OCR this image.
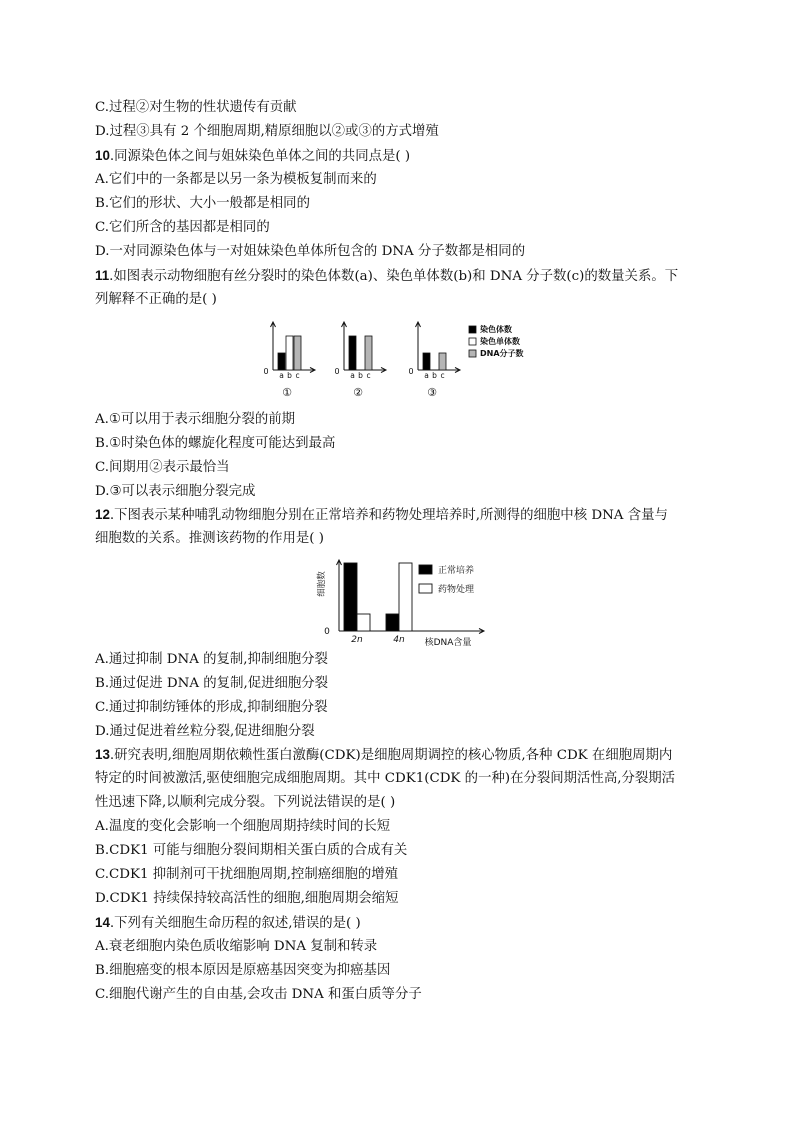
C.过程②对生物的性状遗传有贡献
D.过程③具有 2 个细胞周期,精原细胞以②或③的方式增殖
10.同源染色体之间与姐妹染色单体之间的共同点是( )
A.它们中的一条都是以另一条为模板复制而来的
B.它们的形状、大小一般都是相同的
C.它们所含的基因都是相同的
D.一对同源染色体与一对姐妹染色单体所包含的 DNA 分子数都是相同的
11.如图表示动物细胞有丝分裂时的染色体数(a)、染色单体数(b)和 DNA 分子数(c)的数量关系。下
列解释不正确的是( )
A.①可以用于表示细胞分裂的前期
B.①时染色体的螺旋化程度可能达到最高
C.间期用②表示最恰当
D.③可以表示细胞分裂完成
12.下图表示某种哺乳动物细胞分别在正常培养和药物处理培养时,所测得的细胞中核 DNA 含量与
细胞数的关系。推测该药物的作用是( )
A.通过抑制 DNA 的复制,抑制细胞分裂
B.通过促进 DNA 的复制,促进细胞分裂
C.通过抑制纺锤体的形成,抑制细胞分裂
D.通过促进着丝粒分裂,促进细胞分裂
13.研究表明,细胞周期依赖性蛋白激酶(CDK)是细胞周期调控的核心物质,各种 CDK 在细胞周期内
特定的时间被激活,驱使细胞完成细胞周期。其中 CDK1(CDK 的一种)在分裂间期活性高,分裂期活
性迅速下降,以顺利完成分裂。下列说法错误的是( )
A.温度的变化会影响一个细胞周期持续时间的长短
B.CDK1 可能与细胞分裂间期相关蛋白质的合成有关
C.CDK1 抑制剂可干扰细胞周期,控制癌细胞的增殖
D.CDK1 持续保持较高活性的细胞,细胞周期会缩短
14.下列有关细胞生命历程的叙述,错误的是( )
A.衰老细胞内染色质收缩影响 DNA 复制和转录
B.细胞癌变的根本原因是原癌基因突变为抑癌基因
C.细胞代谢产生的自由基,会攻击 DNA 和蛋白质等分子
0 a b c
①
0 a b c
②
0 a b c
③
染色体数
染色单体数
DNA分子数
0
细胞数
2n	4n 核DNA含量
正常培养
药物处理
